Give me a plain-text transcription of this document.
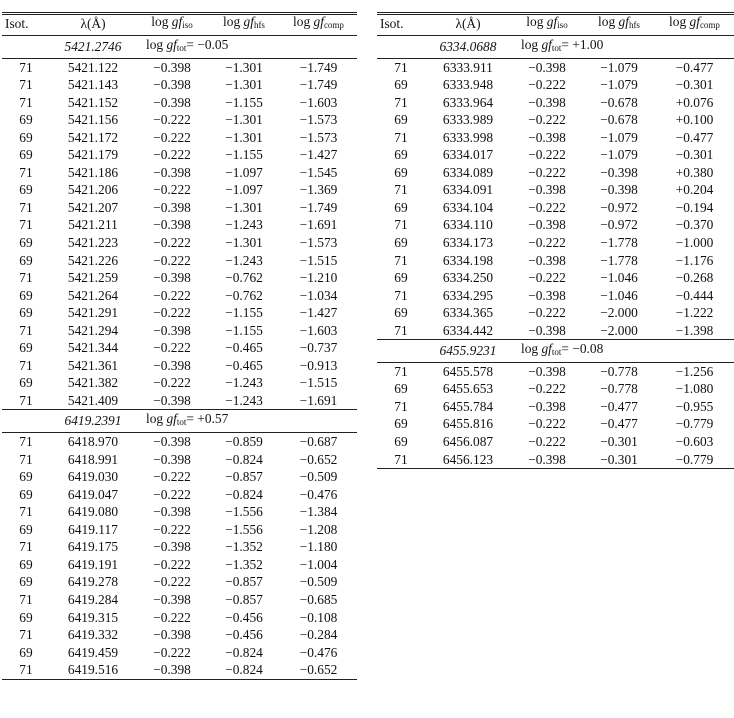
Isot.	λ(Å)	$\log gf_{iso}$	$\log gf_{hfs}$	$\log gf_{comp}$
	5421.2746	$\log gf_{tot}= -0.05$		
71	5421.122	−0.398	−1.301	−1.749
71	5421.143	−0.398	−1.301	−1.749
71	5421.152	−0.398	−1.155	−1.603
69	5421.156	−0.222	−1.301	−1.573
69	5421.172	−0.222	−1.301	−1.573
69	5421.179	−0.222	−1.155	−1.427
71	5421.186	−0.398	−1.097	−1.545
69	5421.206	−0.222	−1.097	−1.369
71	5421.207	−0.398	−1.301	−1.749
71	5421.211	−0.398	−1.243	−1.691
69	5421.223	−0.222	−1.301	−1.573
69	5421.226	−0.222	−1.243	−1.515
71	5421.259	−0.398	−0.762	−1.210
69	5421.264	−0.222	−0.762	−1.034
69	5421.291	−0.222	−1.155	−1.427
71	5421.294	−0.398	−1.155	−1.603
69	5421.344	−0.222	−0.465	−0.737
71	5421.361	−0.398	−0.465	−0.913
69	5421.382	−0.222	−1.243	−1.515
71	5421.409	−0.398	−1.243	−1.691
	6419.2391	$\log gf_{tot}= +0.57$		
71	6418.970	−0.398	−0.859	−0.687
71	6418.991	−0.398	−0.824	−0.652
69	6419.030	−0.222	−0.857	−0.509
69	6419.047	−0.222	−0.824	−0.476
71	6419.080	−0.398	−1.556	−1.384
69	6419.117	−0.222	−1.556	−1.208
71	6419.175	−0.398	−1.352	−1.180
69	6419.191	−0.222	−1.352	−1.004
69	6419.278	−0.222	−0.857	−0.509
71	6419.284	−0.398	−0.857	−0.685
69	6419.315	−0.222	−0.456	−0.108
71	6419.332	−0.398	−0.456	−0.284
69	6419.459	−0.222	−0.824	−0.476
71	6419.516	−0.398	−0.824	−0.652
Isot.	λ(Å)	$\log gf_{iso}$	$\log gf_{hfs}$	$\log gf_{comp}$
	6334.0688	$\log gf_{tot}= +1.00$		
71	6333.911	−0.398	−1.079	−0.477
69	6333.948	−0.222	−1.079	−0.301
71	6333.964	−0.398	−0.678	+0.076
69	6333.989	−0.222	−0.678	+0.100
71	6333.998	−0.398	−1.079	−0.477
69	6334.017	−0.222	−1.079	−0.301
69	6334.089	−0.222	−0.398	+0.380
71	6334.091	−0.398	−0.398	+0.204
69	6334.104	−0.222	−0.972	−0.194
71	6334.110	−0.398	−0.972	−0.370
69	6334.173	−0.222	−1.778	−1.000
71	6334.198	−0.398	−1.778	−1.176
69	6334.250	−0.222	−1.046	−0.268
71	6334.295	−0.398	−1.046	−0.444
69	6334.365	−0.222	−2.000	−1.222
71	6334.442	−0.398	−2.000	−1.398
	6455.9231	$\log gf_{tot}= -0.08$		
71	6455.578	−0.398	−0.778	−1.256
69	6455.653	−0.222	−0.778	−1.080
71	6455.784	−0.398	−0.477	−0.955
69	6455.816	−0.222	−0.477	−0.779
69	6456.087	−0.222	−0.301	−0.603
71	6456.123	−0.398	−0.301	−0.779
